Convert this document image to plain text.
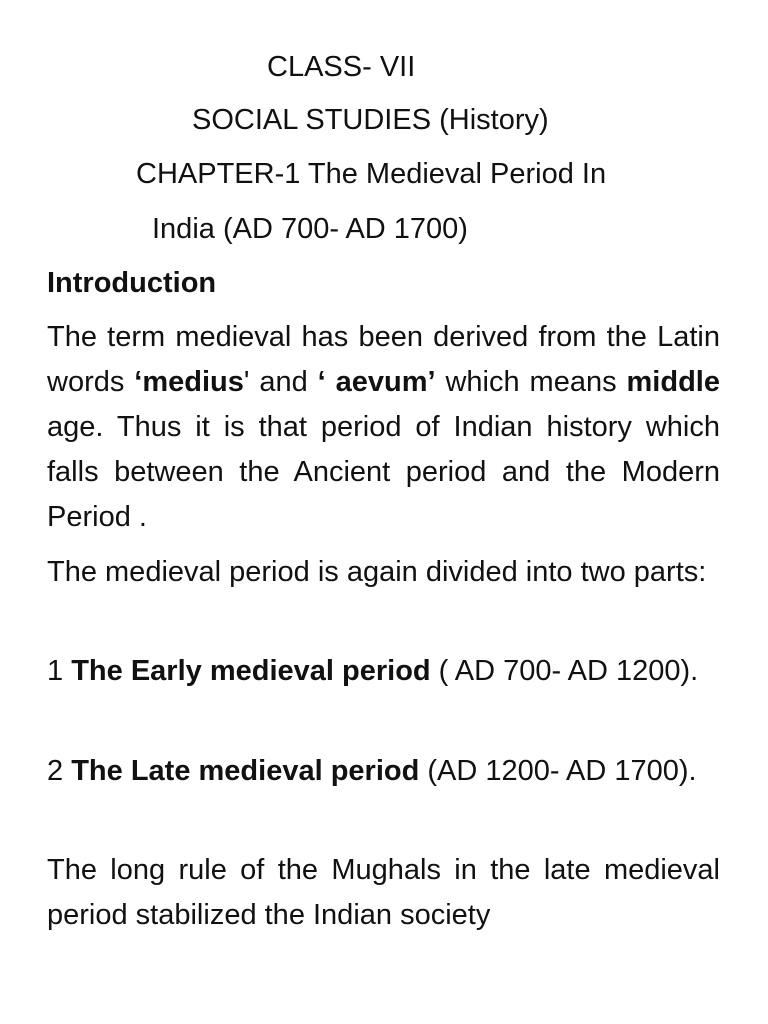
CLASS- VII
SOCIAL STUDIES (History)
CHAPTER-1 The Medieval Period In
India (AD 700- AD 1700)
Introduction

The term medieval has been derived from the Latin words ‘medius' and ‘ aevum’ which means middle age. Thus it is that period of Indian history which falls between the Ancient period and the Modern Period .

The medieval period is again divided into two parts:

1 The Early medieval period ( AD 700- AD 1200).

2 The Late medieval period (AD 1200- AD 1700).

The long rule of the Mughals in the late medieval period stabilized the Indian society
